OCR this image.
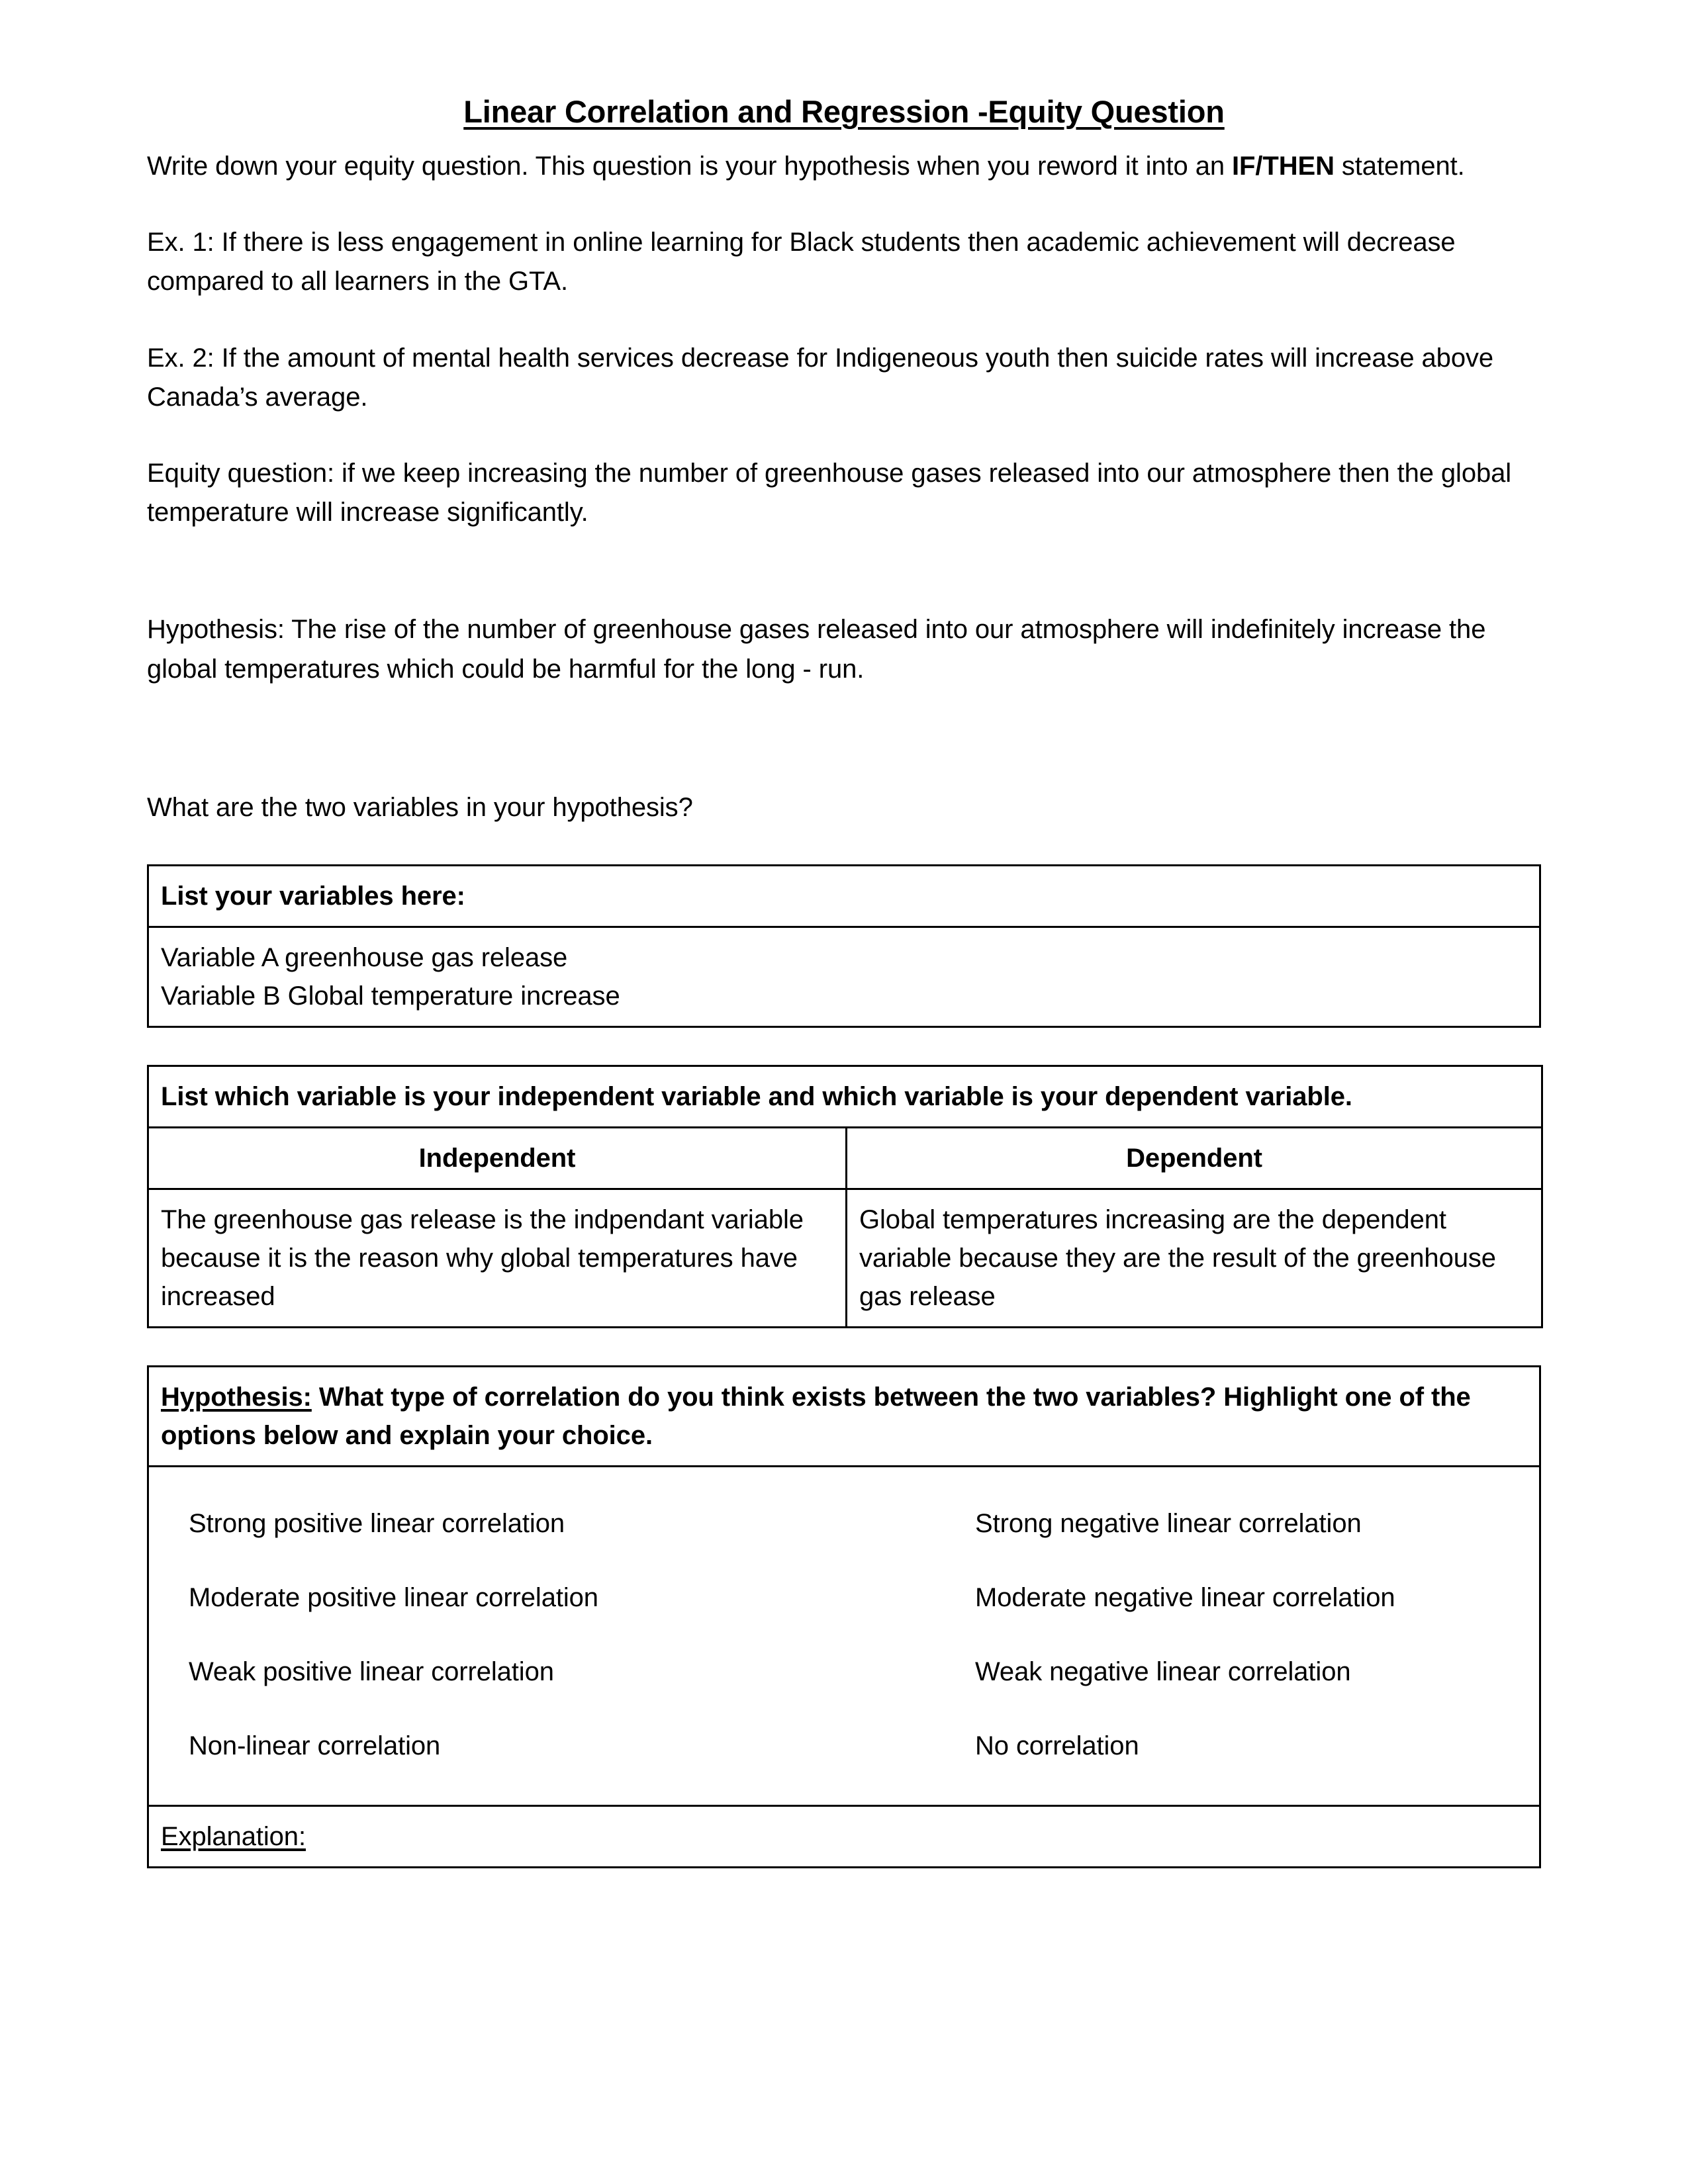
Linear Correlation and Regression -Equity Question

Write down your equity question. This question is your hypothesis when you reword it into an IF/THEN statement.

Ex. 1: If there is less engagement in online learning for Black students then academic achievement will decrease compared to all learners in the GTA.

Ex. 2: If the amount of mental health services decrease for Indigeneous youth then suicide rates will increase above Canada’s average.

Equity question: if we keep increasing the number of greenhouse gases released into our atmosphere then the global temperature will increase significantly.

Hypothesis: The rise of the number of greenhouse gases released into our atmosphere will indefinitely increase the global temperatures which could be harmful for the long - run.

What are the two variables in your hypothesis?

List your variables here:

Variable A greenhouse gas release
Variable B Global temperature increase
List which variable is your independent variable and which variable is your dependent variable.	
Independent	Dependent
The greenhouse gas release is the indpendant variable because it is the reason why global temperatures have increased	Global temperatures increasing are the dependent variable because they are the result of the greenhouse gas release
Hypothesis: What type of correlation do you think exists between the two variables? Highlight one of the options below and explain your choice.

Strong positive linear correlation	Strong negative linear correlation
Moderate positive linear correlation	Moderate negative linear correlation
Weak positive linear correlation	Weak negative linear correlation
Non-linear correlation	No correlation

Explanation:
